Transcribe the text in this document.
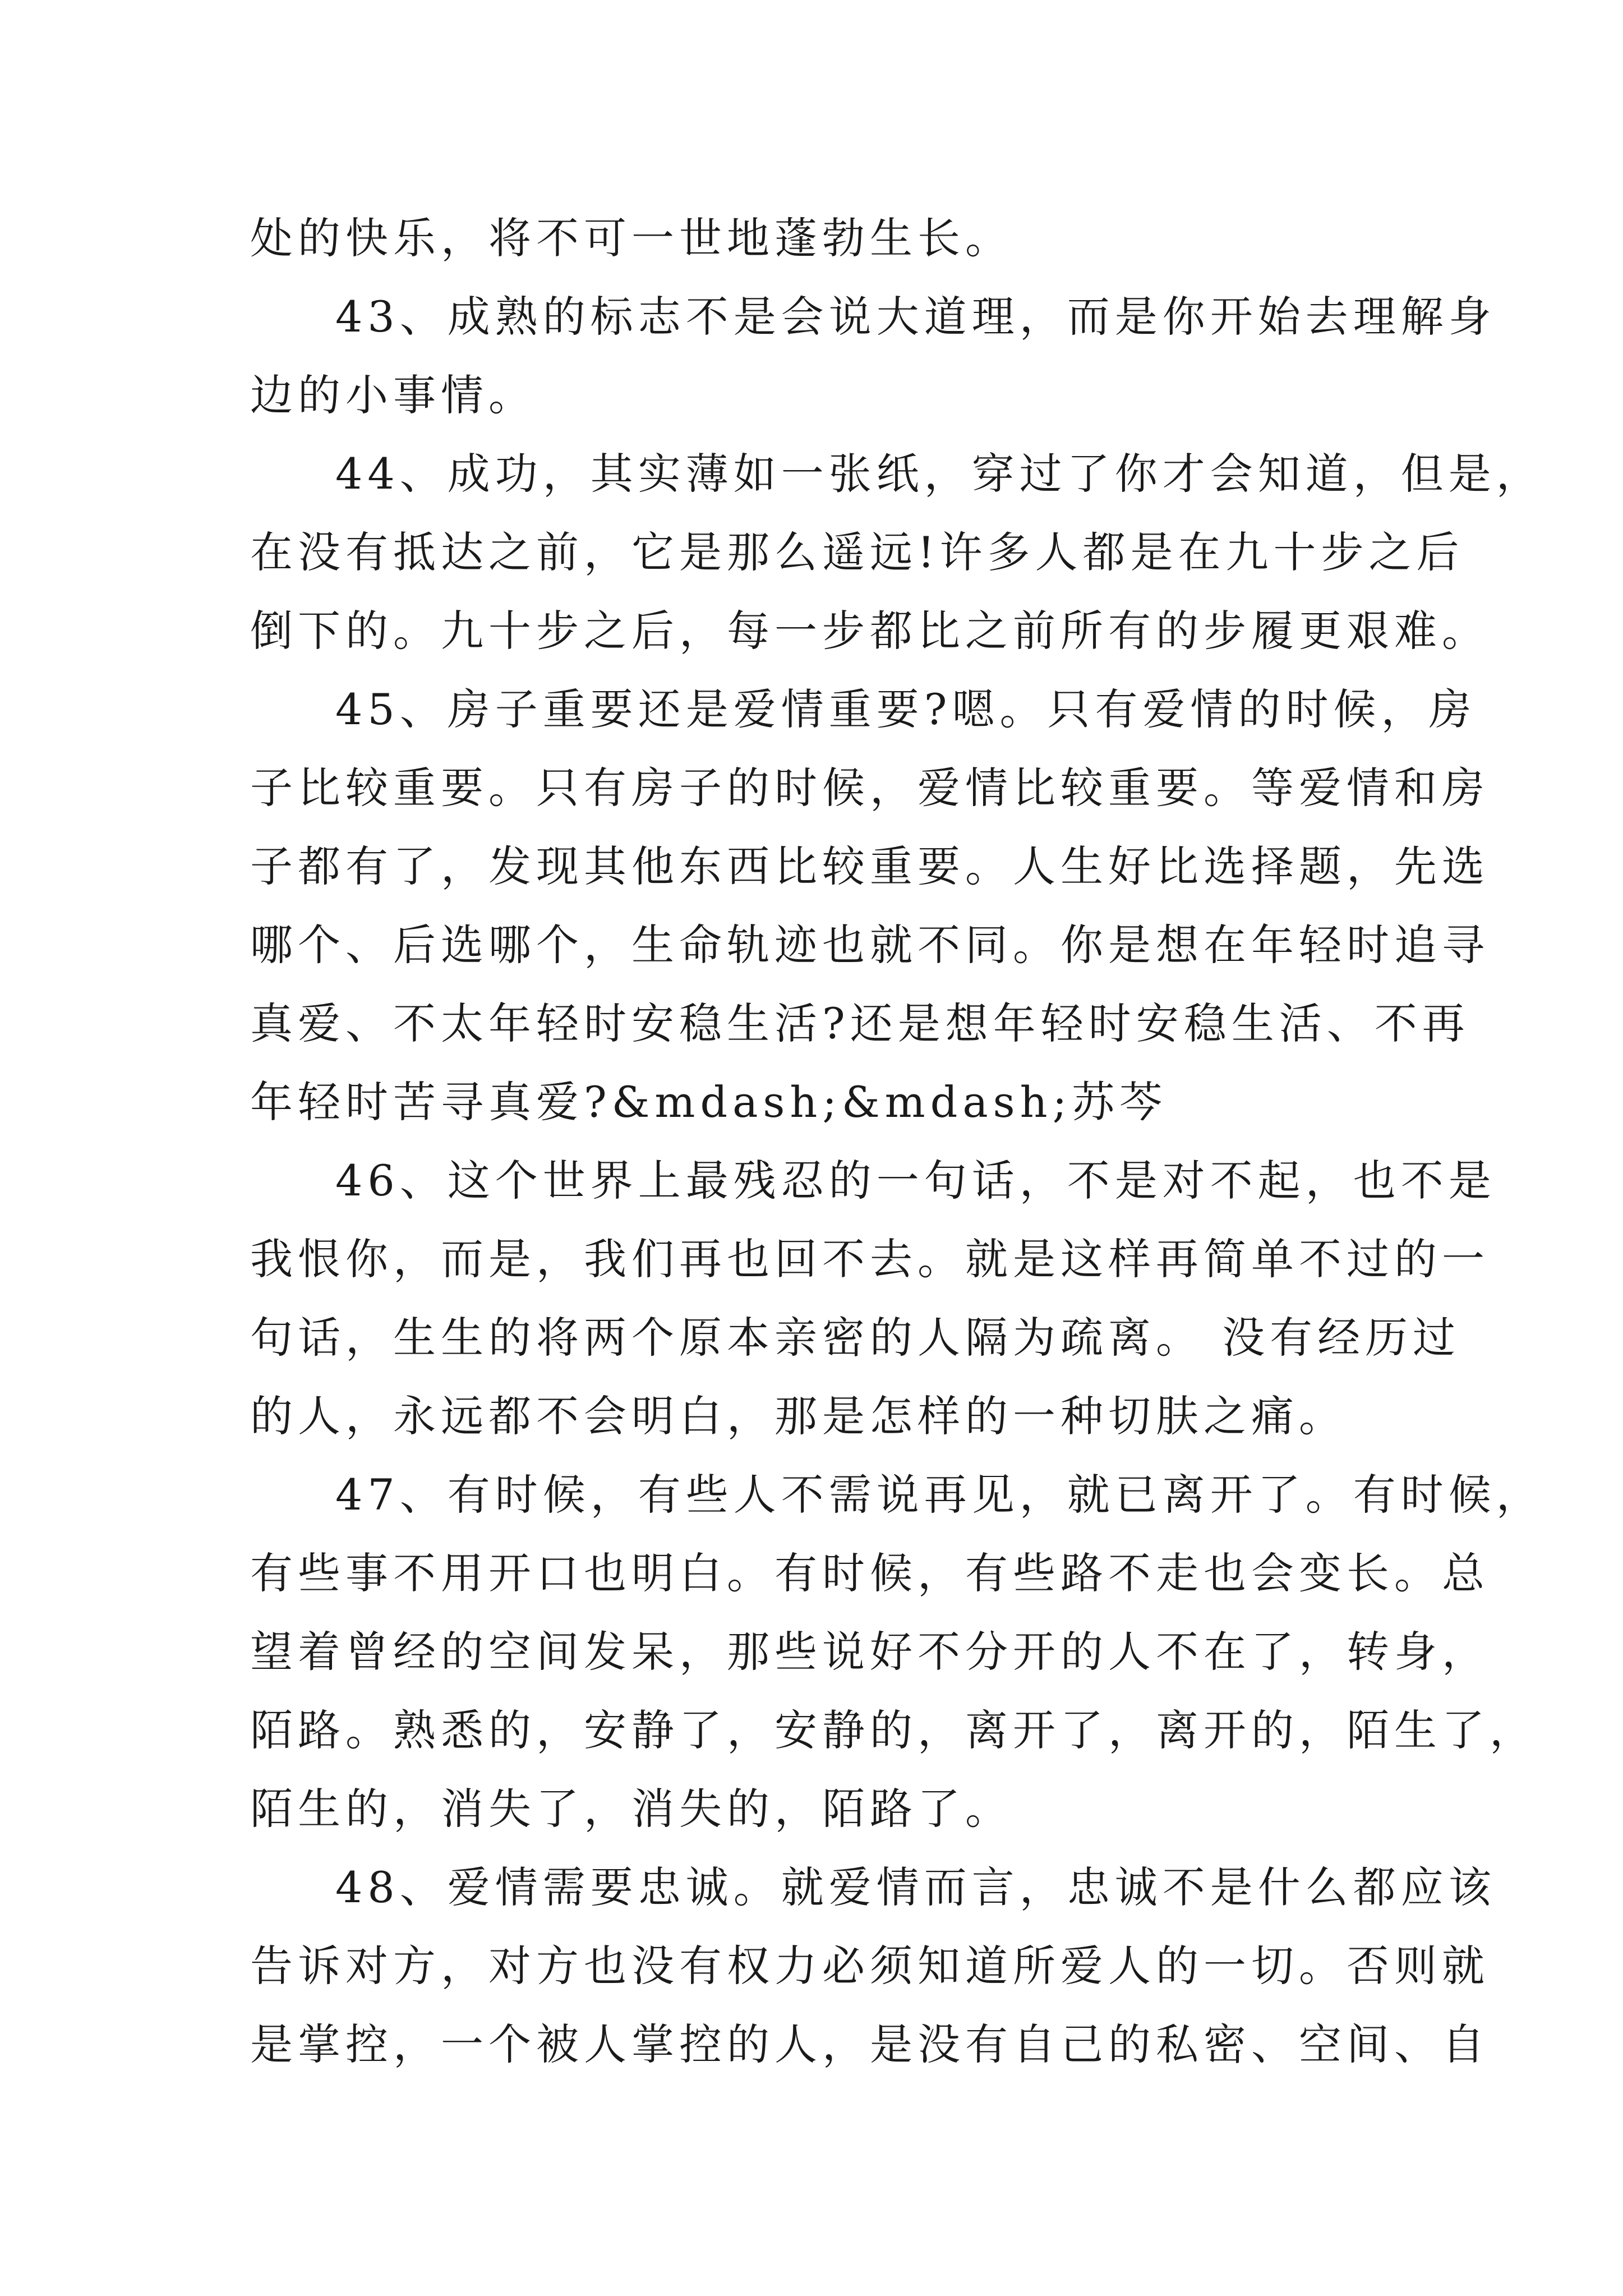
处的快乐，将不可一世地蓬勃生长。
43、成熟的标志不是会说大道理，而是你开始去理解身
边的小事情。
44、成功，其实薄如一张纸，穿过了你才会知道，但是，
在没有抵达之前，它是那么遥远!许多人都是在九十步之后
倒下的。九十步之后，每一步都比之前所有的步履更艰难。
45、房子重要还是爱情重要?嗯。只有爱情的时候，房
子比较重要。只有房子的时候，爱情比较重要。等爱情和房
子都有了，发现其他东西比较重要。人生好比选择题，先选
哪个、后选哪个，生命轨迹也就不同。你是想在年轻时追寻
真爱、不太年轻时安稳生活?还是想年轻时安稳生活、不再
年轻时苦寻真爱?&mdash;&mdash;苏芩
46、这个世界上最残忍的一句话，不是对不起，也不是
我恨你，而是，我们再也回不去。就是这样再简单不过的一
句话，生生的将两个原本亲密的人隔为疏离。 没有经历过
的人，永远都不会明白，那是怎样的一种切肤之痛。
47、有时候，有些人不需说再见，就已离开了。有时候，
有些事不用开口也明白。有时候，有些路不走也会变长。总
望着曾经的空间发呆，那些说好不分开的人不在了，转身，
陌路。熟悉的，安静了，安静的，离开了，离开的，陌生了，
陌生的，消失了，消失的，陌路了。
48、爱情需要忠诚。就爱情而言，忠诚不是什么都应该
告诉对方，对方也没有权力必须知道所爱人的一切。否则就
是掌控，一个被人掌控的人，是没有自己的私密、空间、自
